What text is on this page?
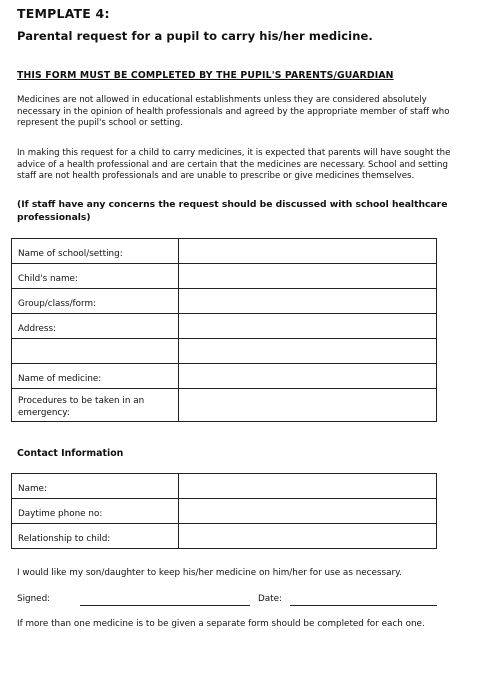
TEMPLATE 4:
Parental request for a pupil to carry his/her medicine.
THIS FORM MUST BE COMPLETED BY THE PUPIL'S PARENTS/GUARDIAN
Medicines are not allowed in educational establishments unless they are considered absolutely
necessary in the opinion of health professionals and agreed by the appropriate member of staff who
represent the pupil's school or setting.
In making this request for a child to carry medicines, it is expected that parents will have sought the
advice of a health professional and are certain that the medicines are necessary. School and setting
staff are not health professionals and are unable to prescribe or give medicines themselves.
(If staff have any concerns the request should be discussed with school healthcare
professionals)
Name of school/setting:	
Child's name:	
Group/class/form:	
Address:	

Name of medicine:	
Procedures to be taken in an emergency:	
Contact Information
Name:	
Daytime phone no:	
Relationship to child:	
I would like my son/daughter to keep his/her medicine on him/her for use as necessary.
Signed:	Date:
If more than one medicine is to be given a separate form should be completed for each one.
